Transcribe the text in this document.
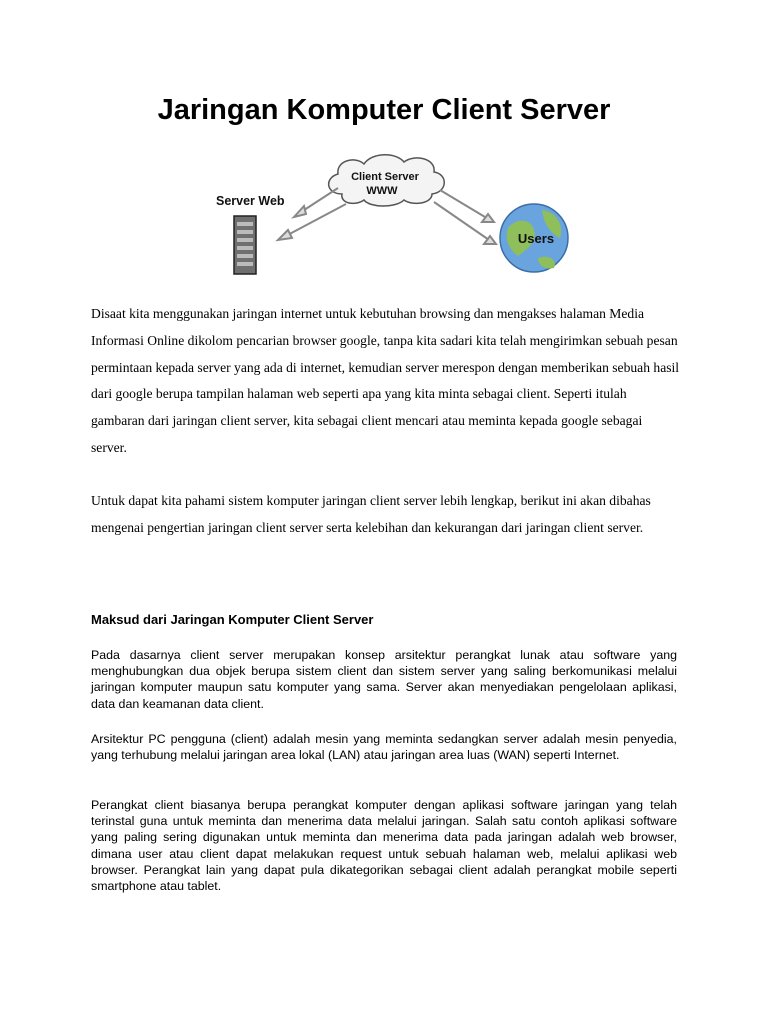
Jaringan Komputer Client Server
Server Web
Client Server
WWW
Users

Disaat kita menggunakan jaringan internet untuk kebutuhan browsing dan mengakses halaman Media Informasi Online dikolom pencarian browser google, tanpa kita sadari kita telah mengirimkan sebuah pesan permintaan kepada server yang ada di internet, kemudian server merespon dengan memberikan sebuah hasil dari google berupa tampilan halaman web seperti apa yang kita minta sebagai client. Seperti itulah gambaran dari jaringan client server, kita sebagai client mencari atau meminta kepada google sebagai server.

Untuk dapat kita pahami sistem komputer jaringan client server lebih lengkap, berikut ini akan dibahas mengenai pengertian jaringan client server serta kelebihan dan kekurangan dari jaringan client server.

Maksud dari Jaringan Komputer Client Server

Pada dasarnya client server merupakan konsep arsitektur perangkat lunak atau software yang menghubungkan dua objek berupa sistem client dan sistem server yang saling berkomunikasi melalui jaringan komputer maupun satu komputer yang sama. Server akan menyediakan pengelolaan aplikasi, data dan keamanan data client.

Arsitektur PC pengguna (client) adalah mesin yang meminta sedangkan server adalah mesin penyedia, yang terhubung melalui jaringan area lokal (LAN) atau jaringan area luas (WAN) seperti Internet.

Perangkat client biasanya berupa perangkat komputer dengan aplikasi software jaringan yang telah terinstal guna untuk meminta dan menerima data melalui jaringan. Salah satu contoh aplikasi software yang paling sering digunakan untuk meminta dan menerima data pada jaringan adalah web browser, dimana user atau client dapat melakukan request untuk sebuah halaman web, melalui aplikasi web browser. Perangkat lain yang dapat pula dikategorikan sebagai client adalah perangkat mobile seperti smartphone atau tablet.
